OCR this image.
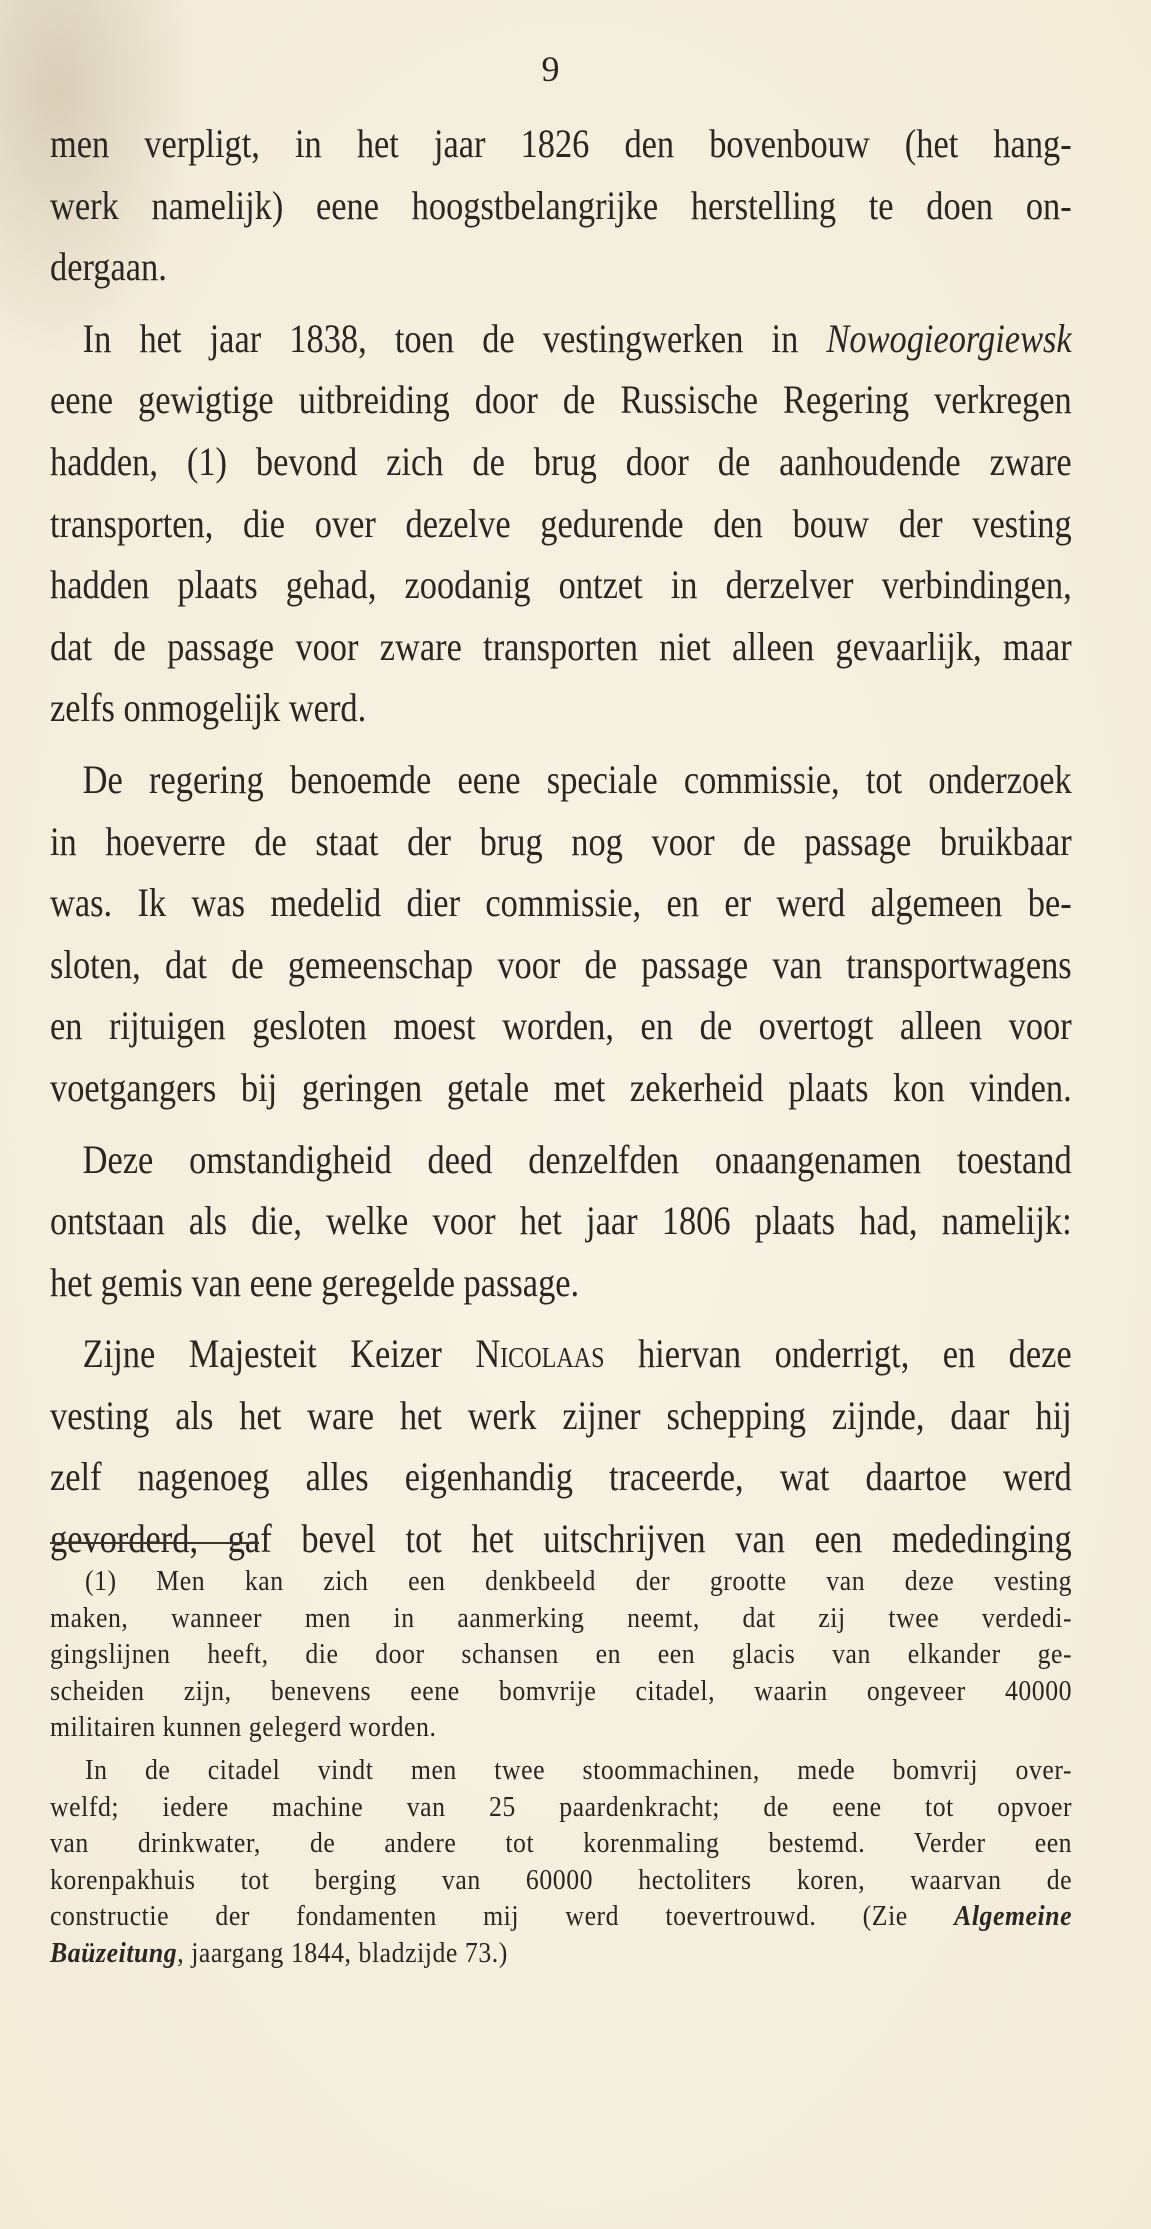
9
men verpligt, in het jaar 1826 den bovenbouw (het hang-
werk namelijk) eene hoogstbelangrijke herstelling te doen on-
dergaan.
In het jaar 1838, toen de vestingwerken in Nowogieorgiewsk
eene gewigtige uitbreiding door de Russische Regering verkregen
hadden, (1) bevond zich de brug door de aanhoudende zware
transporten, die over dezelve gedurende den bouw der vesting
hadden plaats gehad, zoodanig ontzet in derzelver verbindingen,
dat de passage voor zware transporten niet alleen gevaarlijk, maar
zelfs onmogelijk werd.
De regering benoemde eene speciale commissie, tot onderzoek
in hoeverre de staat der brug nog voor de passage bruikbaar
was. Ik was medelid dier commissie, en er werd algemeen be-
sloten, dat de gemeenschap voor de passage van transportwagens
en rijtuigen gesloten moest worden, en de overtogt alleen voor
voetgangers bij geringen getale met zekerheid plaats kon vinden.
Deze omstandigheid deed denzelfden onaangenamen toestand
ontstaan als die, welke voor het jaar 1806 plaats had, namelijk:
het gemis van eene geregelde passage.
Zijne Majesteit Keizer Nicolaas hiervan onderrigt, en deze
vesting als het ware het werk zijner schepping zijnde, daar hij
zelf nagenoeg alles eigenhandig traceerde, wat daartoe werd
gevorderd, gaf bevel tot het uitschrijven van een mededinging
(1) Men kan zich een denkbeeld der grootte van deze vesting
maken, wanneer men in aanmerking neemt, dat zij twee verdedi-
gingslijnen heeft, die door schansen en een glacis van elkander ge-
scheiden zijn, benevens eene bomvrije citadel, waarin ongeveer 40000
militairen kunnen gelegerd worden.
In de citadel vindt men twee stoommachinen, mede bomvrij over-
welfd; iedere machine van 25 paardenkracht; de eene tot opvoer
van drinkwater, de andere tot korenmaling bestemd. Verder een
korenpakhuis tot berging van 60000 hectoliters koren, waarvan de
constructie der fondamenten mij werd toevertrouwd. (Zie Algemeine
Baüzeitung, jaargang 1844, bladzijde 73.)
